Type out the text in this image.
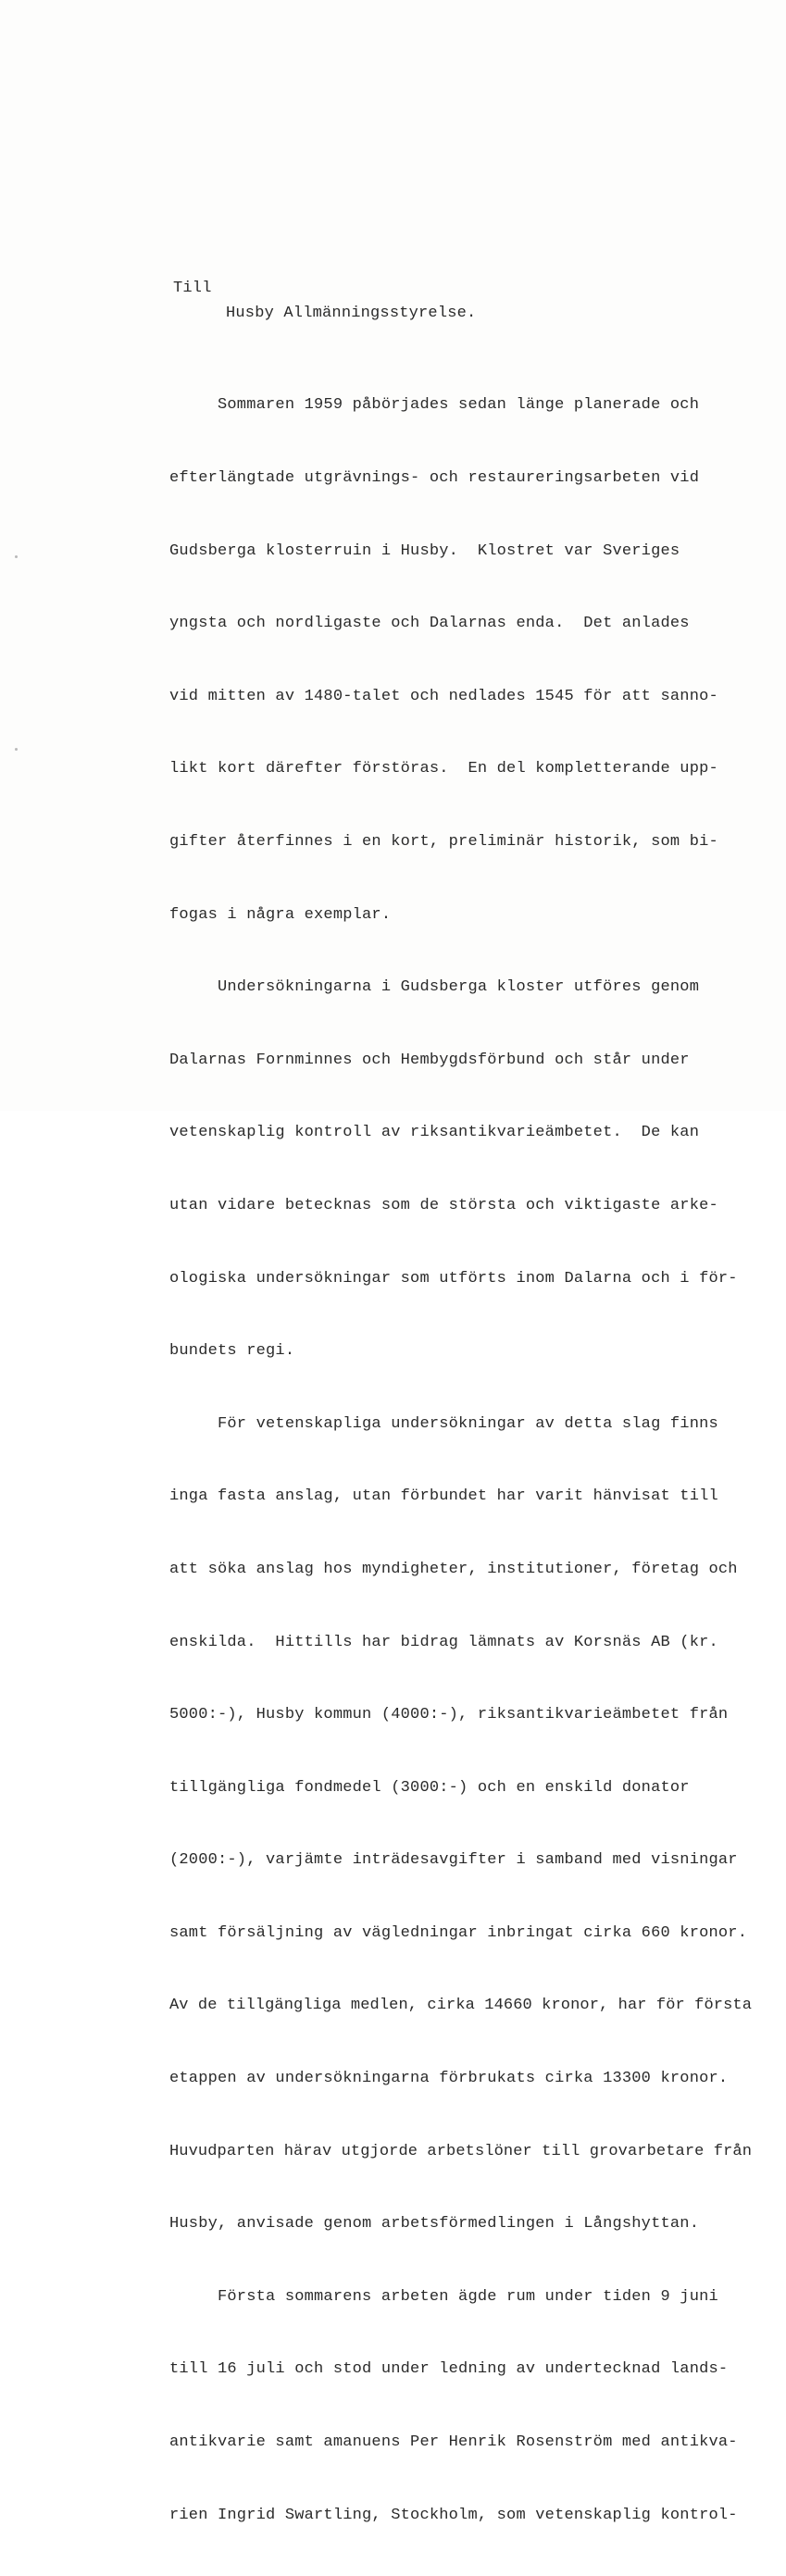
Till
Husby Allmänningsstyrelse.

Sommaren 1959 påbörjades sedan länge planerade och

efterlängtade utgrävnings- och restaureringsarbeten vid

Gudsberga klosterruin i Husby.  Klostret var Sveriges

yngsta och nordligaste och Dalarnas enda.  Det anlades

vid mitten av 1480-talet och nedlades 1545 för att sanno-

likt kort därefter förstöras.  En del kompletterande upp-

gifter återfinnes i en kort, preliminär historik, som bi-

fogas i några exemplar.

Undersökningarna i Gudsberga kloster utföres genom

Dalarnas Fornminnes och Hembygdsförbund och står under

vetenskaplig kontroll av riksantikvarieämbetet.  De kan

utan vidare betecknas som de största och viktigaste arke-

ologiska undersökningar som utförts inom Dalarna och i för-

bundets regi.

För vetenskapliga undersökningar av detta slag finns

inga fasta anslag, utan förbundet har varit hänvisat till

att söka anslag hos myndigheter, institutioner, företag och

enskilda.  Hittills har bidrag lämnats av Korsnäs AB (kr.

5000:-), Husby kommun (4000:-), riksantikvarieämbetet från

tillgängliga fondmedel (3000:-) och en enskild donator

(2000:-), varjämte inträdesavgifter i samband med visningar

samt försäljning av vägledningar inbringat cirka 660 kronor.

Av de tillgängliga medlen, cirka 14660 kronor, har för första

etappen av undersökningarna förbrukats cirka 13300 kronor.

Huvudparten härav utgjorde arbetslöner till grovarbetare från

Husby, anvisade genom arbetsförmedlingen i Långshyttan.

Första sommarens arbeten ägde rum under tiden 9 juni

till 16 juli och stod under ledning av undertecknad lands-

antikvarie samt amanuens Per Henrik Rosenström med antikva-

rien Ingrid Swartling, Stockholm, som vetenskaplig kontrol-
